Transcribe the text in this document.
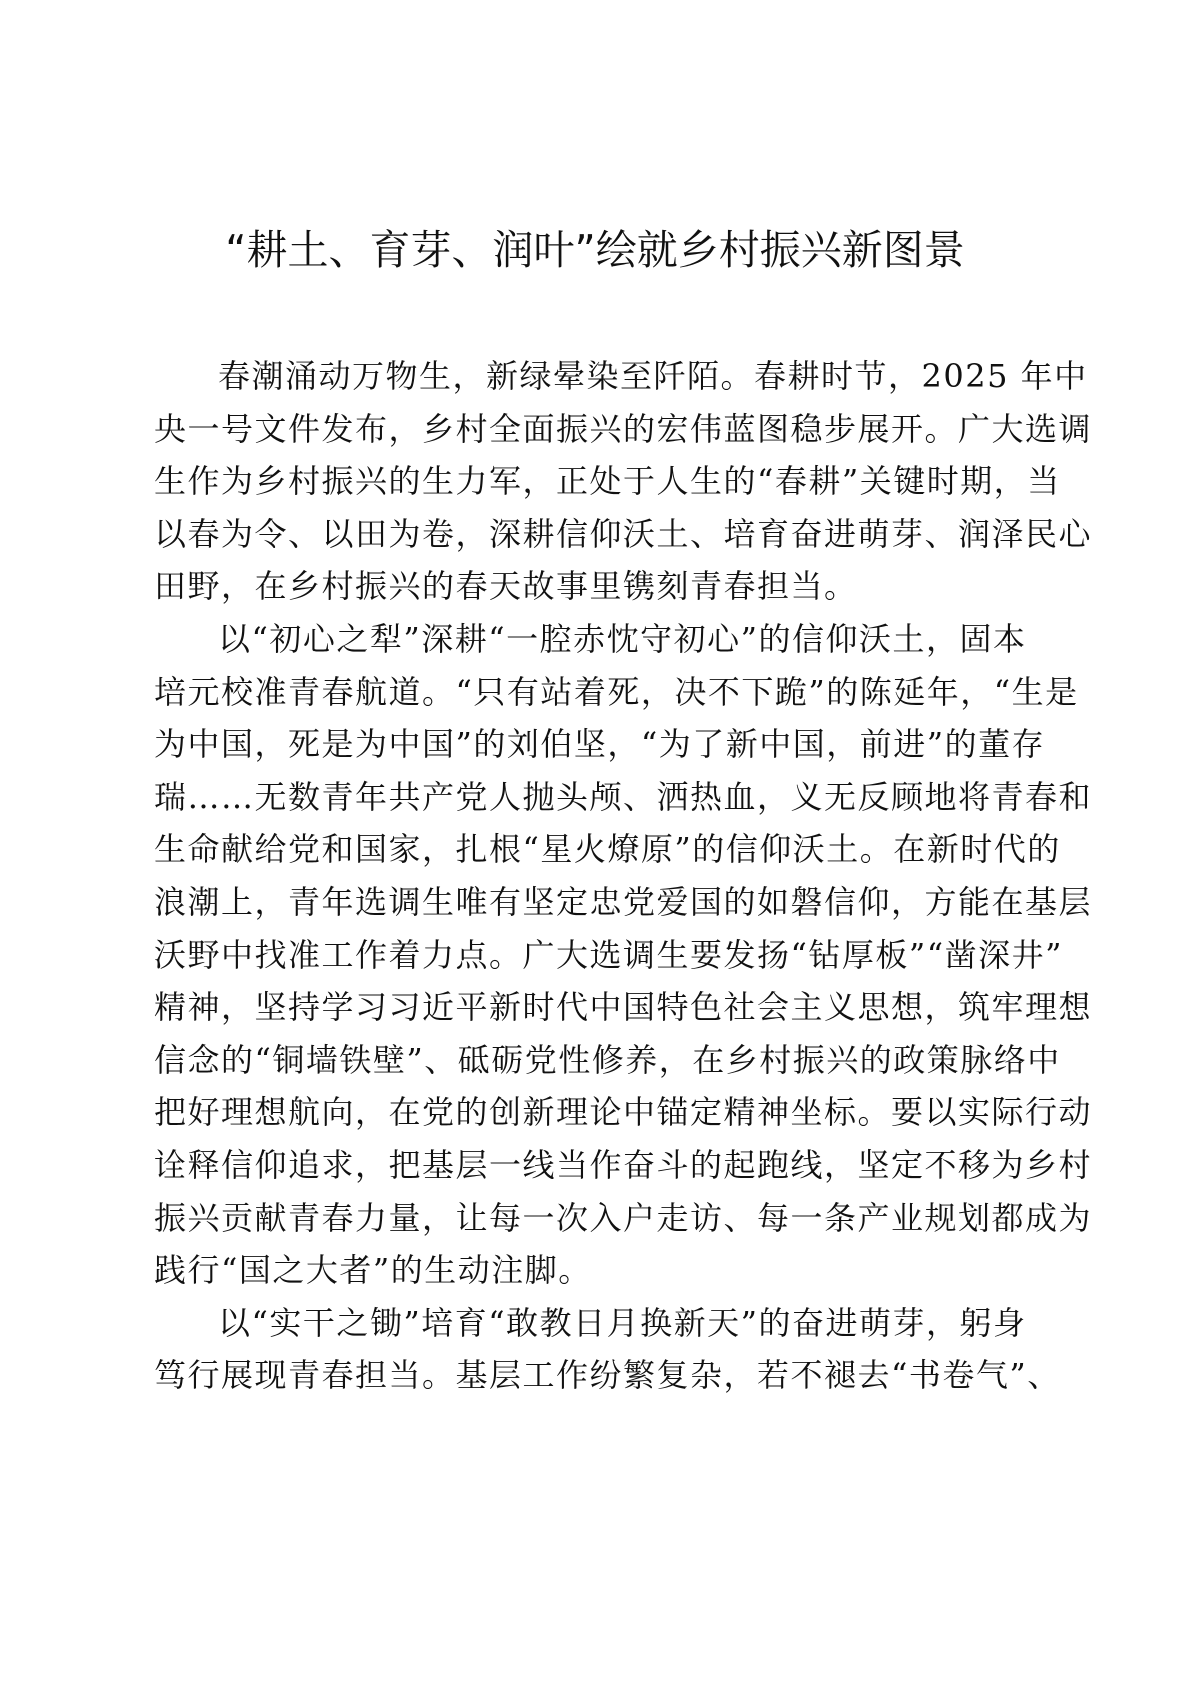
“耕土、育芽、润叶”绘就乡村振兴新图景
春潮涌动万物生，新绿晕染至阡陌。春耕时节，2025 年中
央一号文件发布，乡村全面振兴的宏伟蓝图稳步展开。广大选调
生作为乡村振兴的生力军，正处于人生的“春耕”关键时期，当
以春为令、以田为卷，深耕信仰沃土、培育奋进萌芽、润泽民心
田野，在乡村振兴的春天故事里镌刻青春担当。
以“初心之犁”深耕“一腔赤忱守初心”的信仰沃土，固本
培元校准青春航道。“只有站着死，决不下跪”的陈延年，“生是
为中国，死是为中国”的刘伯坚，“为了新中国，前进”的董存
瑞……无数青年共产党人抛头颅、洒热血，义无反顾地将青春和
生命献给党和国家，扎根“星火燎原”的信仰沃土。在新时代的
浪潮上，青年选调生唯有坚定忠党爱国的如磐信仰，方能在基层
沃野中找准工作着力点。广大选调生要发扬“钻厚板”“凿深井”
精神，坚持学习习近平新时代中国特色社会主义思想，筑牢理想
信念的“铜墙铁壁”、砥砺党性修养，在乡村振兴的政策脉络中
把好理想航向，在党的创新理论中锚定精神坐标。要以实际行动
诠释信仰追求，把基层一线当作奋斗的起跑线，坚定不移为乡村
振兴贡献青春力量，让每一次入户走访、每一条产业规划都成为
践行“国之大者”的生动注脚。
以“实干之锄”培育“敢教日月换新天”的奋进萌芽，躬身
笃行展现青春担当。基层工作纷繁复杂，若不褪去“书卷气”、
